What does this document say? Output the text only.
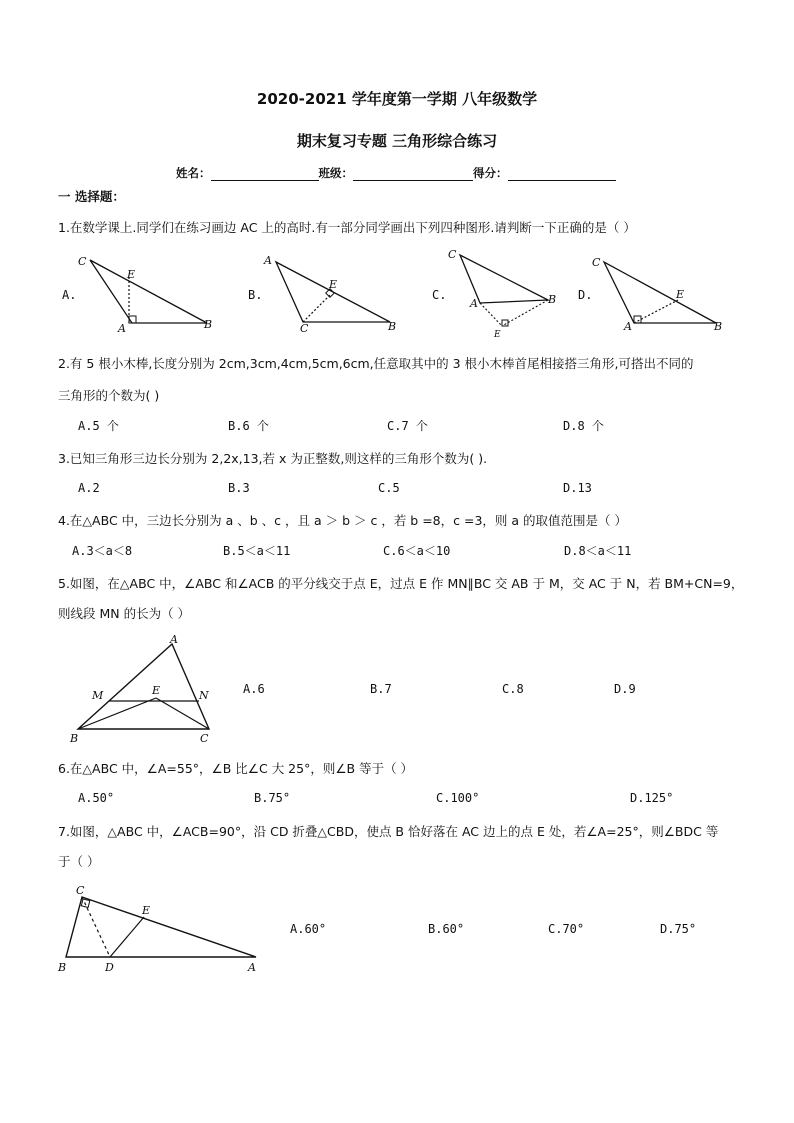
2020-2021 学年度第一学期 八年级数学
期末复习专题 三角形综合练习
姓名：	班级：	得分：
一 选择题：
1.在数学课上.同学们在练习画边 AC 上的高时.有一部分同学画出下列四种图形.请判断一下正确的是（ ）
A.
C
E
A	B
B.
A
E
C	B
C.
C
A	B
E
D.
C
E
A	B
2.有 5 根小木棒,长度分别为 2cm,3cm,4cm,5cm,6cm,任意取其中的 3 根小木棒首尾相接搭三角形,可搭出不同的
三角形的个数为( )
A.5 个	B.6 个	C.7 个	D.8 个
3.已知三角形三边长分别为 2,2x,13,若 x 为正整数,则这样的三角形个数为( ).
A.2	B.3	C.5	D.13
4.在△ABC 中，三边长分别为 a 、b 、c ，且 a ＞ b ＞ c ，若 b =8，c =3，则 a 的取值范围是（ ）
A.3＜a＜8	B.5＜a＜11	C.6＜a＜10	D.8＜a＜11
5.如图，在△ABC 中，∠ABC 和∠ACB 的平分线交于点 E，过点 E 作 MN∥BC 交 AB 于 M，交 AC 于 N，若 BM+CN=9，
则线段 MN 的长为（ ）
A
M	E	N
B	C
A.6	B.7	C.8	D.9
6.在△ABC 中，∠A=55°，∠B 比∠C 大 25°，则∠B 等于（ ）
A.50°	B.75°	C.100°	D.125°
7.如图，△ABC 中，∠ACB=90°，沿 CD 折叠△CBD，使点 B 恰好落在 AC 边上的点 E 处，若∠A=25°，则∠BDC 等
于（ ）
C
E
B	D	A
A.60°	B.60°	C.70°	D.75°
